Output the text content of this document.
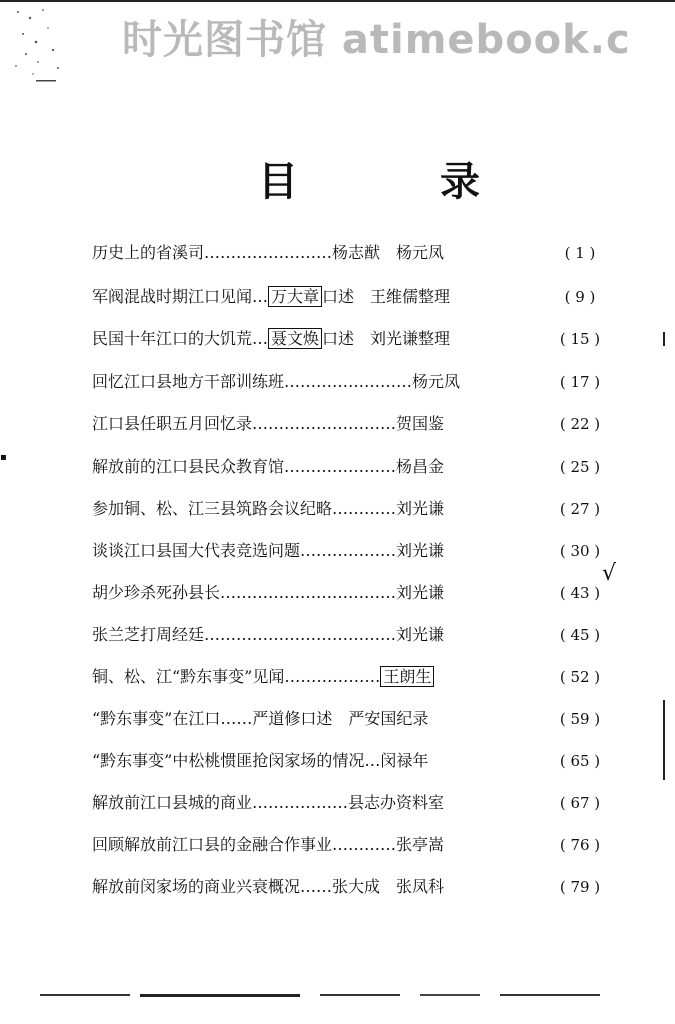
时光图书馆 atimebook.c
目	录
历史上的省溪司……………………杨志猷　杨元凤	( 1 )
军阀混战时期江口见闻… 万大章 口述　王维儒整理	( 9 )
民国十年江口的大饥荒… 聂文焕 口述　刘光谦整理	( 15 )
回忆江口县地方干部训练班……………………杨元凤	( 17 )
江口县任职五月回忆录………………………贺国鉴	( 22 )
解放前的江口县民众教育馆…………………杨昌金	( 25 )
参加铜、松、江三县筑路会议纪略…………刘光谦	( 27 )
谈谈江口县国大代表竞选问题………………刘光谦	( 30 )
胡少珍杀死孙县长……………………………刘光谦	( 43 )
张兰芝打周经廷………………………………刘光谦	( 45 )
铜、松、江“黔东事变”见闻……………… 王朗生	( 52 )
“黔东事变”在江口……严道修口述　严安国纪录	( 59 )
“黔东事变”中松桃惯匪抢闵家场的情况…闵禄年	( 65 )
解放前江口县城的商业………………县志办资料室	( 67 )
回顾解放前江口县的金融合作事业…………张亭嵩	( 76 )
解放前闵家场的商业兴衰概况……张大成　张凤科	( 79 )
√
▪
